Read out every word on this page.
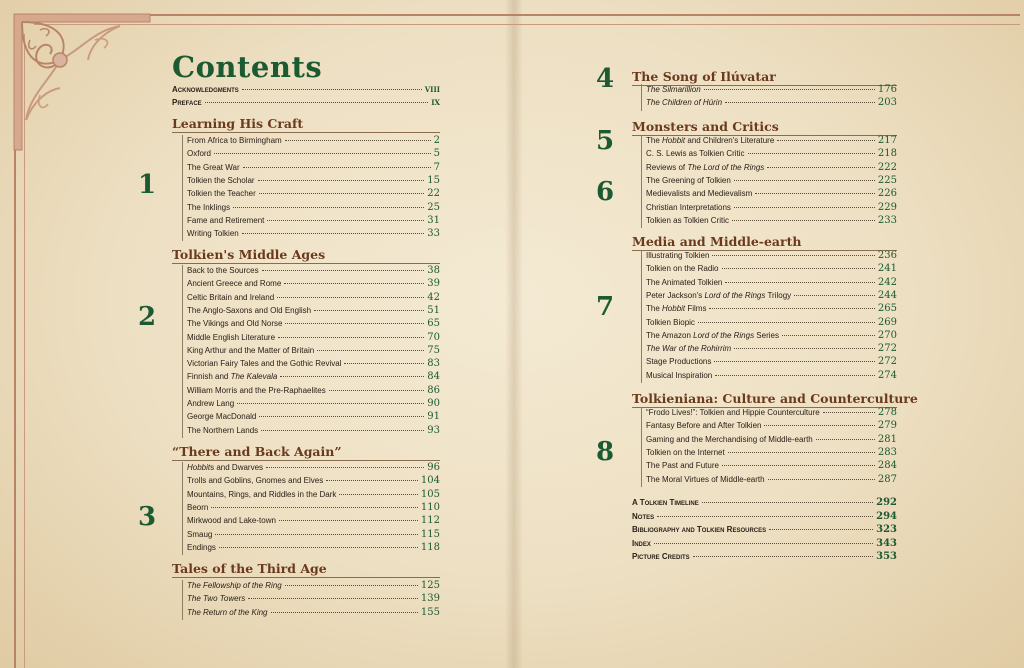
Contents
Acknowledgments	viii
Preface	ix
Learning His Craft
From Africa to Birmingham	2
Oxford	5
The Great War	7
Tolkien the Scholar	15
Tolkien the Teacher	22
The Inklings	25
Fame and Retirement	31
Writing Tolkien	33
1
Tolkien's Middle Ages
Back to the Sources	38
Ancient Greece and Rome	39
Celtic Britain and Ireland	42
The Anglo-Saxons and Old English	51
The Vikings and Old Norse	65
Middle English Literature	70
King Arthur and the Matter of Britain	75
Victorian Fairy Tales and the Gothic Revival	83
Finnish and The Kalevala	84
William Morris and the Pre-Raphaelites	86
Andrew Lang	90
George MacDonald	91
The Northern Lands	93
2
“There and Back Again”
Hobbits and Dwarves	96
Trolls and Goblins, Gnomes and Elves	104
Mountains, Rings, and Riddles in the Dark	105
Beorn	110
Mirkwood and Lake-town	112
Smaug	115
Endings	118
3
Tales of the Third Age
The Fellowship of the Ring	125
The Two Towers	139
The Return of the King	155
The Song of Ilúvatar
The Silmarillion	176
The Children of Húrin	203
4
Monsters and Critics
The Hobbit and Children's Literature	217
C. S. Lewis as Tolkien Critic	218
Reviews of The Lord of the Rings	222
5
The Greening of Tolkien	225
Medievalists and Medievalism	226
Christian Interpretations	229
Tolkien as Tolkien Critic	233
6
Media and Middle-earth
Illustrating Tolkien	236
Tolkien on the Radio	241
The Animated Tolkien	242
Peter Jackson's Lord of the Rings Trilogy	244
The Hobbit Films	265
Tolkien Biopic	269
The Amazon Lord of the Rings Series	270
The War of the Rohirrim	272
Stage Productions	272
Musical Inspiration	274
7
Tolkieniana: Culture and Counterculture
“Frodo Lives!”: Tolkien and Hippie Counterculture	278
Fantasy Before and After Tolkien	279
Gaming and the Merchandising of Middle-earth	281
Tolkien on the Internet	283
The Past and Future	284
The Moral Virtues of Middle-earth	287
8
A Tolkien Timeline	292
Notes	294
Bibliography and Tolkien Resources	323
Index	343
Picture Credits	353
